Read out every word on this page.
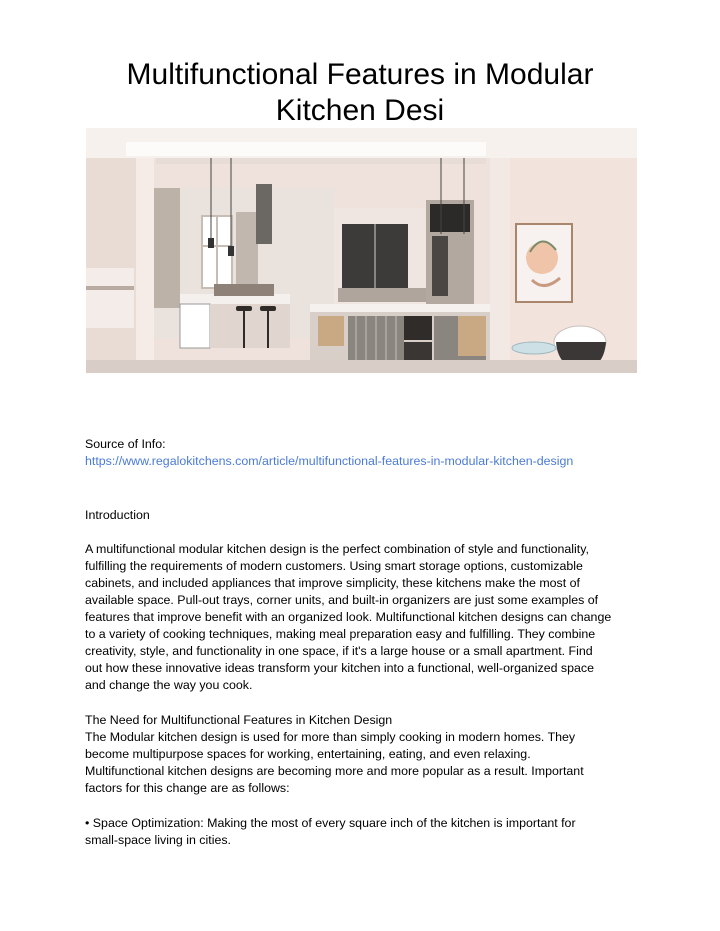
Multifunctional Features in Modular
Kitchen Desi

Source of Info:

https://www.regalokitchens.com/article/multifunctional-features-in-modular-kitchen-design

Introduction

A multifunctional modular kitchen design is the perfect combination of style and functionality,

fulfilling the requirements of modern customers. Using smart storage options, customizable

cabinets, and included appliances that improve simplicity, these kitchens make the most of

available space. Pull-out trays, corner units, and built-in organizers are just some examples of

features that improve benefit with an organized look. Multifunctional kitchen designs can change

to a variety of cooking techniques, making meal preparation easy and fulfilling. They combine

creativity, style, and functionality in one space, if it's a large house or a small apartment. Find

out how these innovative ideas transform your kitchen into a functional, well-organized space

and change the way you cook.

The Need for Multifunctional Features in Kitchen Design

The Modular kitchen design is used for more than simply cooking in modern homes. They

become multipurpose spaces for working, entertaining, eating, and even relaxing.

Multifunctional kitchen designs are becoming more and more popular as a result. Important

factors for this change are as follows:

• Space Optimization: Making the most of every square inch of the kitchen is important for

small-space living in cities.
